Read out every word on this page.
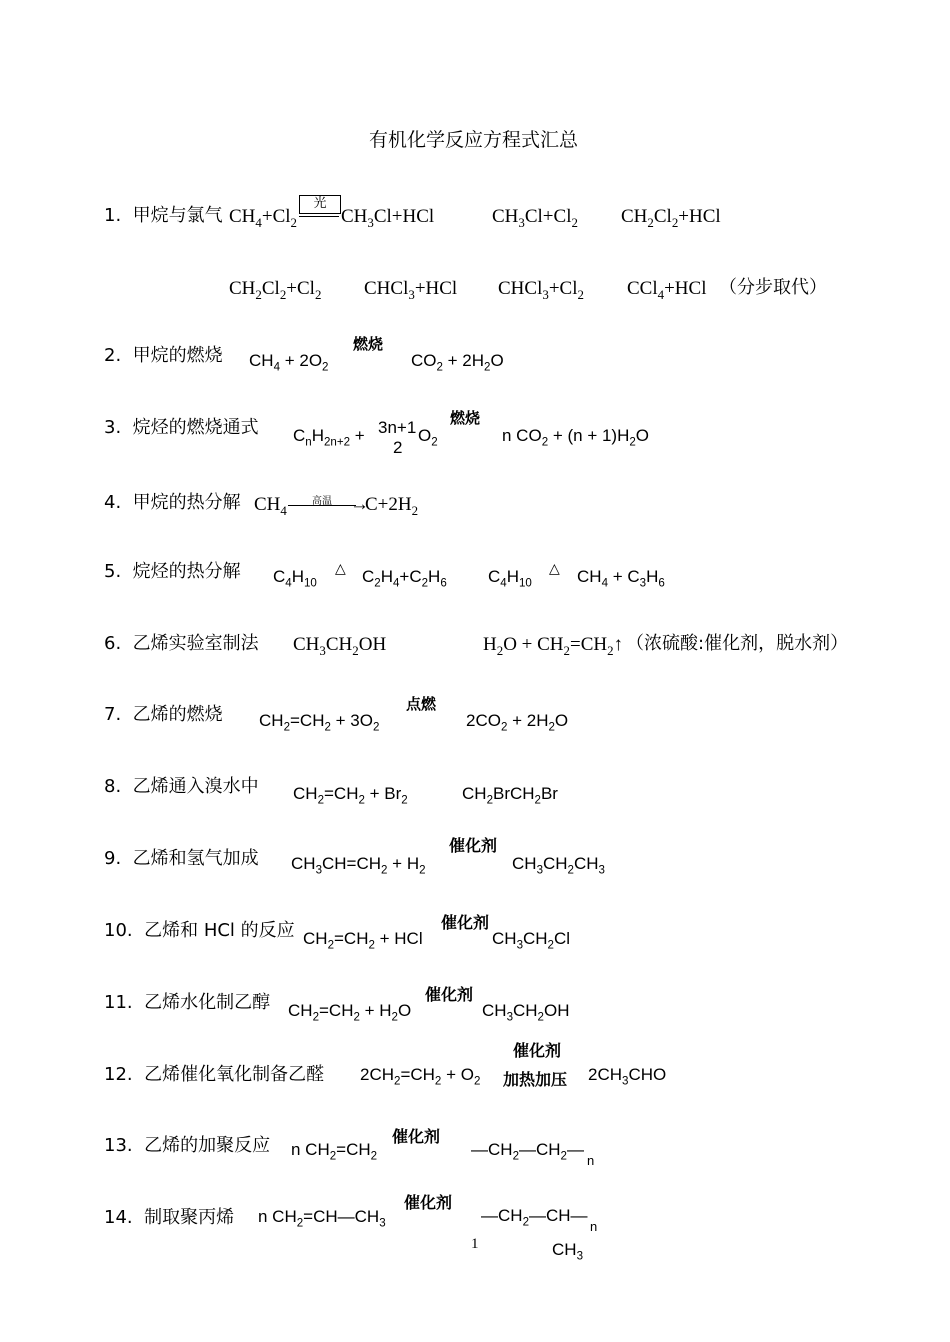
有机化学反应方程式汇总
1. 甲烷与氯气 $CH_4+Cl_2$
光
$CH_3Cl+HCl$	$CH_3Cl+Cl_2$ $CH_2Cl_2+HCl$
$CH_2Cl_2+Cl_2$ CHCl$_3$+HCl $CHCl_3+Cl_2$ CCl$_4$+HCl （分步取代）
2. 甲烷的燃烧 $CH_4 + 2O_2$
燃烧
$CO_2 + 2H_2O$
3. 烷烃的燃烧通式 $C_nH_{2n+2} + 3n+1$
2
$O_2$
燃烧
n $CO_2 + (n + 1)H_2O$
4. 甲烷的热分解 $CH_4$
高温 →
$C+2H_2$
5. 烷烃的热分解 $C_4H_{10}$
△ $C_2H_4+C_2H_6$ $C_4H_{10}$
△ $CH_4 + C_3H_6$
6. 乙烯实验室制法 $CH_3CH_2OH$	$H_2O$ + $CH_2=CH_2↑$ （浓硫酸:催化剂，脱水剂）
7. 乙烯的燃烧 $CH_2=CH_2 + 3O_2$
点燃
$2CO_2 + 2H_2O$
8. 乙烯通入溴水中 $CH_2=CH_2 + Br_2$	$CH_2BrCH_2Br$
9. 乙烯和氢气加成 $CH_3CH=CH_2 + H_2$
催化剂
$CH_3CH_2CH_3$
10. 乙烯和 HCl 的反应 $CH_2=CH_2$ + HCl
催化剂
$CH_3CH_2Cl$
11. 乙烯水化制乙醇 $CH_2=CH_2 + H_2O$
催化剂
$CH_3CH_2OH$
12. 乙烯催化氧化制备乙醛 $2CH_2=CH_2 + O_2$
催化剂
加热加压 $2CH_3CHO$
13. 乙烯的加聚反应 n $CH_2=CH_2$
催化剂
$—CH_2—CH_2—$
n
14. 制取聚丙烯 n $CH_2=CH—CH_3$
催化剂
$—CH_2—CH—$
n
$CH_3$
1
